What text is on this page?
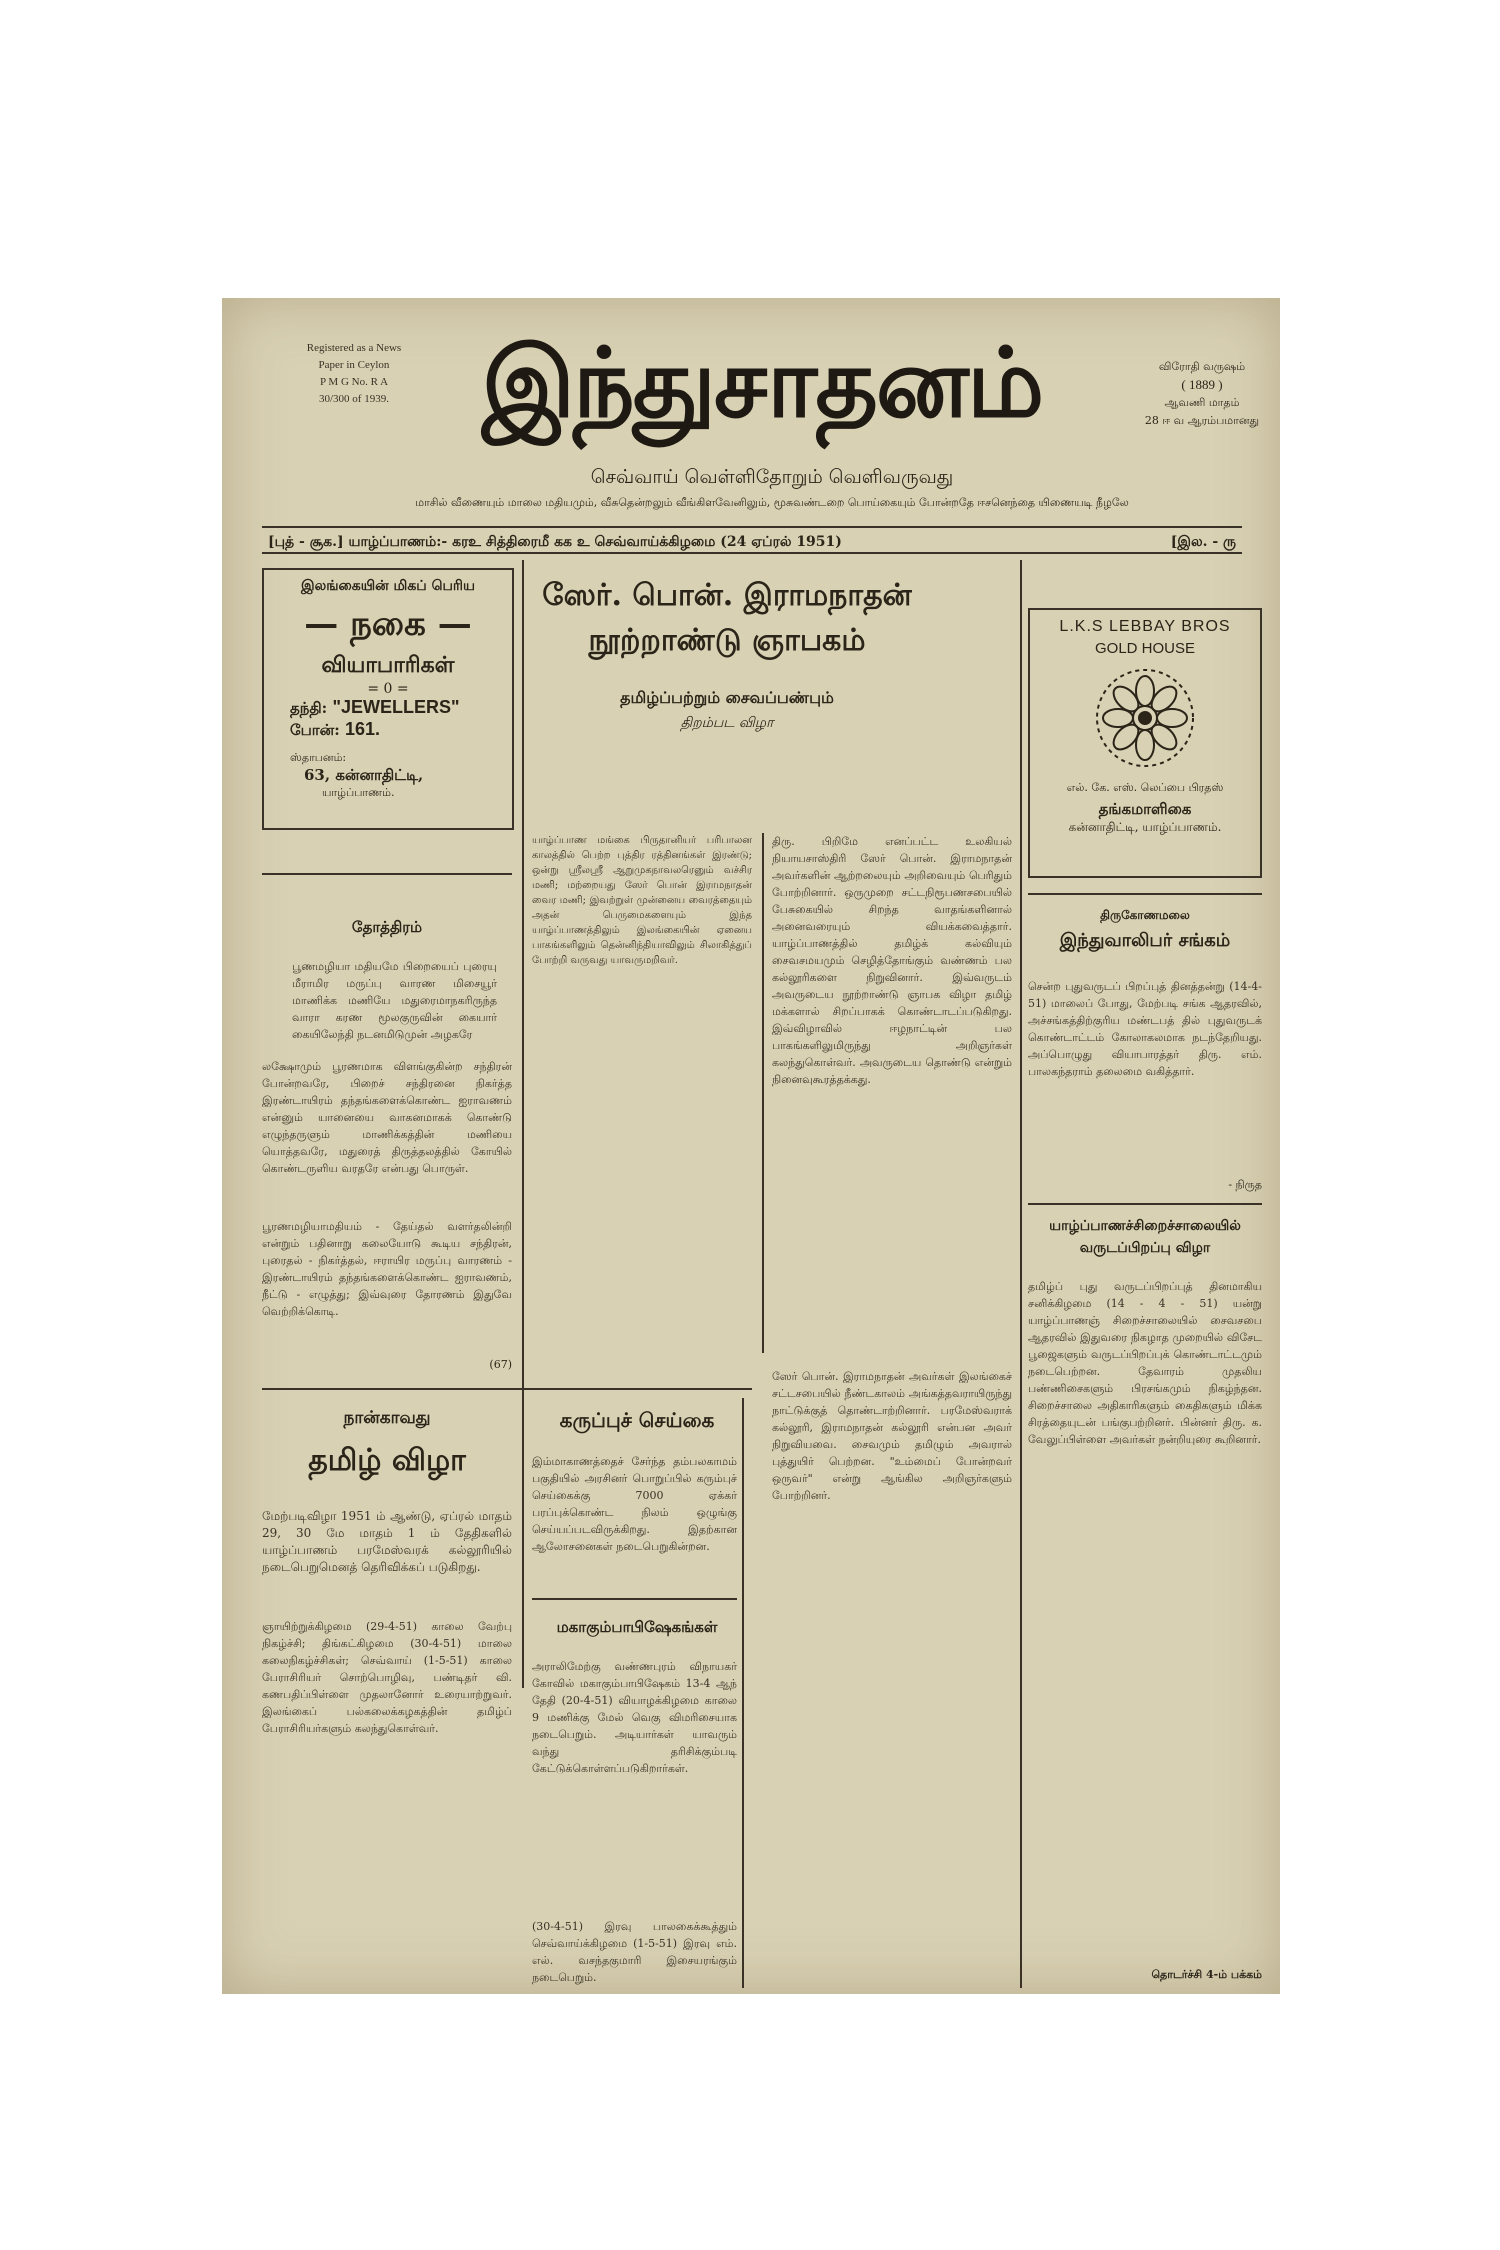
Registered as a News
Paper in Ceylon
P M G No. R A
30/300 of 1939. இந்துசாதனம்	விரோதி வருஷம்
( 1889 )
ஆவணி மாதம்
28 ஈ வ ஆரம்பமானது
செவ்வாய் வெள்ளிதோறும் வெளிவருவது
மாசில் வீணையும் மாலை மதியமும், வீசுதென்றலும் வீங்கிளவேனிலும், மூசுவண்டறை பொய்கையும் போன்றதே ஈசனெந்தை யிணையடி நீழலே
[புத் - சூக.] யாழ்ப்பாணம்:- கரஉ சித்திரைமீ கக உ செவ்வாய்க்கிழமை (24 ஏப்ரல் 1951)	[இல. - ரு
இலங்கையின் மிகப் பெரிய
— நகை —
வியாபாரிகள்
= 0 =
தந்தி: "JEWELLERS"
போன்: 161.
ஸ்தாபனம்:
63, கன்னாதிட்டி,
யாழ்ப்பாணம்.
ஸேர். பொன். இராமநாதன்
நூற்றாண்டு ஞாபகம்
தமிழ்ப்பற்றும் சைவப்பண்பும்
திறம்பட விழா
யாழ்ப்பாண மங்கை பிருதானியர் பரிபாலன காலத்தில் பெற்ற புத்திர ரத்தினங்கள் இரண்டு; ஒன்று ஸ்ரீலஸ்ரீ ஆறுமுகநாவலரெனும் வச்சிர மணி; மற்றையது ஸேர் பொன் இராமநாதன் வைர மணி; இவற்றுள் முன்னைய வைரத்தையும் அதன் பெருமைகளையும் இந்த யாழ்ப்பாணத்திலும் இலங்கையின் ஏனைய பாகங்களிலும் தென்னிந்தியாவிலும் சிலாகித்துப் போற்றி வருவது யாவருமறிவர்.
திரு. பிறிமே எனப்பட்ட உலகியல் நியாயசாஸ்திரி ஸேர் பொன். இராமநாதன் அவர்களின் ஆற்றலையும் அறிவையும் பெரிதும் போற்றினார். ஒருமுறை சட்டநிரூபணசபையில் பேசுகையில் சிறந்த வாதங்களினால் அனைவரையும் வியக்கவைத்தார். யாழ்ப்பாணத்தில் தமிழ்க் கல்வியும் சைவசமயமும் செழித்தோங்கும் வண்ணம் பல கல்லூரிகளை நிறுவினார். இவ்வருடம் அவருடைய நூற்றாண்டு ஞாபக விழா தமிழ் மக்களால் சிறப்பாகக் கொண்டாடப்படுகிறது. இவ்விழாவில் ஈழநாட்டின் பல பாகங்களிலுமிருந்து அறிஞர்கள் கலந்துகொள்வர். அவருடைய தொண்டு என்றும் நினைவுகூரத்தக்கது.
ஸேர் பொன். இராமநாதன் அவர்கள் இலங்கைச் சட்டசபையில் நீண்டகாலம் அங்கத்தவராயிருந்து நாட்டுக்குத் தொண்டாற்றினார். பரமேஸ்வராக் கல்லூரி, இராமநாதன் கல்லூரி என்பன அவர் நிறுவியவை. சைவமும் தமிழும் அவரால் புத்துயிர் பெற்றன. "உம்மைப் போன்றவர் ஒருவர்" என்று ஆங்கில அறிஞர்களும் போற்றினர்.
L.K.S LEBBAY BROS
GOLD HOUSE
எல். கே. எஸ். லெப்பை பிரதஸ்
தங்கமாளிகை
கன்னாதிட்டி, யாழ்ப்பாணம்.
தோத்திரம்
பூணமழியா மதியமே பிறையைப் புரையு மீராமிர மருப்பு வாரண மிசையூர் மாணிக்க மணியே மதுரைமாநகரிருந்த வாரா கரண மூலகுருவின் கையார் கையிலேந்தி நடனமிடுமுன் அழகரே
லக்ஷோமும் பூரணமாக விளங்குகின்ற சந்திரன் போன்றவரே, பிறைச் சந்திரனை நிகர்த்த இரண்டாயிரம் தந்தங்களைக்கொண்ட ஐராவணம் என்னும் யானையை வாகனமாகக் கொண்டு எழுந்தருளும் மாணிக்கத்தின் மணியை யொத்தவரே, மதுரைத் திருத்தலத்தில் கோயில் கொண்டருளிய வரதரே என்பது பொருள்.
பூரணமழியாமதியம் - தேய்தல் வளர்தலின்றி என்றும் பதினாறு கலையோடு கூடிய சந்திரன், புரைதல் - நிகர்த்தல், ஈராயிர மருப்பு வாரணம் - இரண்டாயிரம் தந்தங்களைக்கொண்ட ஐராவணம், நீட்டு - எழுத்து; இவ்வுரை தோரணம் இதுவே வெற்றிக்கொடி.
(67)
திருகோணமலை
இந்துவாலிபர் சங்கம்
சென்ற புதுவருடப் பிறப்புத் தினத்தன்று (14-4-51) மாலைப் போது, மேற்படி சங்க ஆதரவில், அச்சங்கத்திற்குரிய மண்டபத் தில் புதுவருடக் கொண்டாட்டம் கோலாகலமாக நடந்தேறியது. அப்பொழுது வியாபாரத்தர் திரு. எம். பாலகந்தராம் தலைமை வகித்தார்.
- நிருத
யாழ்ப்பாணச்சிறைச்சாலையில்
வருடப்பிறப்பு விழா
தமிழ்ப் புது வருடப்பிறப்புத் தினமாகிய சனிக்கிழமை (14 - 4 - 51) யன்று யாழ்ப்பாணஞ் சிறைச்சாலையில் சைவசபை ஆதரவில் இதுவரை நிகழாத முறையில் விசேட பூஜைகளும் வருடப்பிறப்புக் கொண்டாட்டமும் நடைபெற்றன. தேவாரம் முதலிய பண்ணிசைகளும் பிரசங்கமும் நிகழ்ந்தன. சிறைச்சாலை அதிகாரிகளும் கைதிகளும் மிக்க சிரத்தையுடன் பங்குபற்றினர். பின்னர் திரு. க. வேலுப்பிள்ளை அவர்கள் நன்றியுரை கூறினார்.
தொடர்ச்சி 4-ம் பக்கம்
நான்காவது
தமிழ் விழா
மேற்படிவிழா 1951 ம் ஆண்டு, ஏப்ரல் மாதம் 29, 30 மே மாதம் 1 ம் தேதிகளில் யாழ்ப்பாணம் பரமேஸ்வரக் கல்லூரியில் நடைபெறுமெனத் தெரிவிக்கப் படுகிறது.
ஞாயிற்றுக்கிழமை (29-4-51) காலை வேற்பு நிகழ்ச்சி; திங்கட்கிழமை (30-4-51) மாலை கலைநிகழ்ச்சிகள்; செவ்வாய் (1-5-51) காலை பேராசிரியர் சொற்பொழிவு, பண்டிதர் வி. கணபதிப்பிள்ளை முதலானோர் உரையாற்றுவர். இலங்கைப் பல்கலைக்கழகத்தின் தமிழ்ப் பேராசிரியர்களும் கலந்துகொள்வர்.
கருப்புச் செய்கை
இம்மாகாணத்தைச் சேர்ந்த தம்பலகாமம் பகுதியில் அரசினர் பொறுப்பில் கரும்புச் செய்கைக்கு 7000 ஏக்கர் பரப்புக்கொண்ட நிலம் ஒழுங்கு செய்யப்படவிருக்கிறது. இதற்கான ஆலோசனைகள் நடைபெறுகின்றன.
மகாகும்பாபிஷேகங்கள்
அராலிமேற்கு வண்ணபுரம் விநாயகர் கோவில் மகாகும்பாபிஷேகம் 13-4 ஆந் தேதி (20-4-51) வியாழக்கிழமை காலை 9 மணிக்கு மேல் வெகு விமரிசையாக நடைபெறும். அடியார்கள் யாவரும் வந்து தரிசிக்கும்படி கேட்டுக்கொள்ளப்படுகிறார்கள்.
(30-4-51) இரவு பாலகைக்கூத்தும் செவ்வாய்க்கிழமை (1-5-51) இரவு எம். எல். வசந்தகுமாரி இசையரங்கும் நடைபெறும்.
